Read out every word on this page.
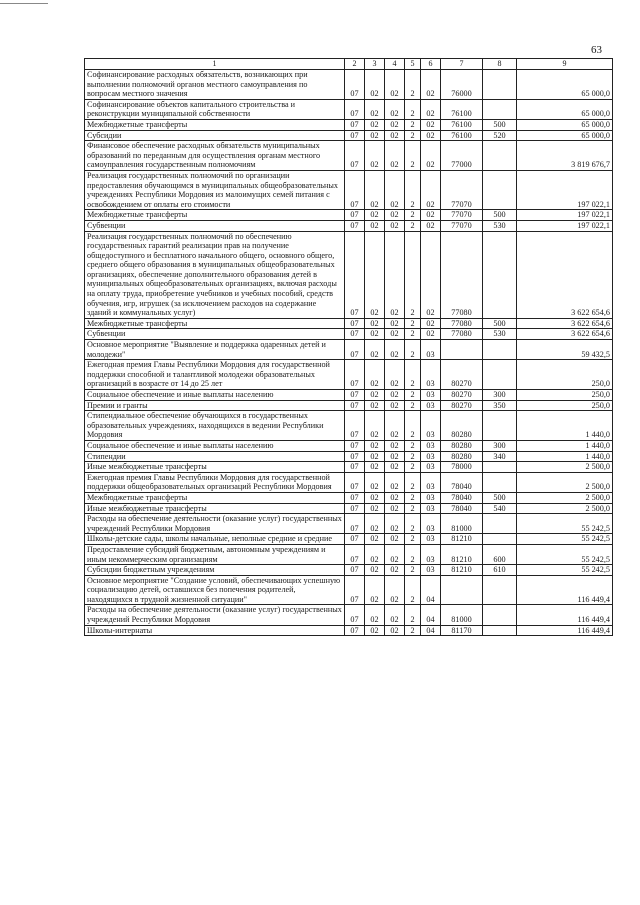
63
1	2	3	4	5	6	7	8	9
Софинансирование расходных обязательств, возникающих при выполнении полномочий органов местного самоуправления по вопросам местного значения	07	02	02	2	02	76000		65 000,0
Софинансирование объектов капитального строительства и реконструкции муниципальной собственности	07	02	02	2	02	76100		65 000,0
Межбюджетные трансферты	07	02	02	2	02	76100	500	65 000,0
Субсидии	07	02	02	2	02	76100	520	65 000,0
Финансовое обеспечение расходных обязательств муниципальных образований по переданным для осуществления органам местного самоуправления государственным полномочиям	07	02	02	2	02	77000		3 819 676,7
Реализация государственных полномочий по организации предоставления обучающимся в муниципальных общеобразовательных учреждениях Республики Мордовия из малоимущих семей питания с освобождением от оплаты его стоимости	07	02	02	2	02	77070		197 022,1
Межбюджетные трансферты	07	02	02	2	02	77070	500	197 022,1
Субвенции	07	02	02	2	02	77070	530	197 022,1
Реализация государственных полномочий по обеспечению государственных гарантий реализации прав на получение общедоступного и бесплатного начального общего, основного общего, среднего общего образования в муниципальных общеобразовательных организациях, обеспечение дополнительного образования детей в муниципальных общеобразовательных организациях, включая расходы на оплату труда, приобретение учебников и учебных пособий, средств обучения, игр, игрушек (за исключением расходов на содержание зданий и коммунальных услуг)	07	02	02	2	02	77080		3 622 654,6
Межбюджетные трансферты	07	02	02	2	02	77080	500	3 622 654,6
Субвенции	07	02	02	2	02	77080	530	3 622 654,6
Основное мероприятие "Выявление и поддержка одаренных детей и молодежи"	07	02	02	2	03			59 432,5
Ежегодная премия Главы Республики Мордовия для государственной поддержки способной и талантливой молодежи образовательных организаций в возрасте от 14 до 25 лет	07	02	02	2	03	80270		250,0
Социальное обеспечение и иные выплаты населению	07	02	02	2	03	80270	300	250,0
Премии и гранты	07	02	02	2	03	80270	350	250,0
Стипендиальное обеспечение обучающихся в государственных образовательных учреждениях, находящихся в ведении Республики Мордовия	07	02	02	2	03	80280		1 440,0
Социальное обеспечение и иные выплаты населению	07	02	02	2	03	80280	300	1 440,0
Стипендии	07	02	02	2	03	80280	340	1 440,0
Иные межбюджетные трансферты	07	02	02	2	03	78000		2 500,0
Ежегодная премия Главы Республики Мордовия для государственной поддержки общеобразовательных организаций Республики Мордовия	07	02	02	2	03	78040		2 500,0
Межбюджетные трансферты	07	02	02	2	03	78040	500	2 500,0
Иные межбюджетные трансферты	07	02	02	2	03	78040	540	2 500,0
Расходы на обеспечение деятельности (оказание услуг) государственных учреждений Республики Мордовия	07	02	02	2	03	81000		55 242,5
Школы-детские сады, школы начальные, неполные средние и средние	07	02	02	2	03	81210		55 242,5
Предоставление субсидий бюджетным, автономным учреждениям и иным некоммерческим организациям	07	02	02	2	03	81210	600	55 242,5
Субсидии бюджетным учреждениям	07	02	02	2	03	81210	610	55 242,5
Основное мероприятие "Создание условий, обеспечивающих успешную социализацию детей, оставшихся без попечения родителей, находящихся в трудной жизненной ситуации"	07	02	02	2	04			116 449,4
Расходы на обеспечение деятельности (оказание услуг) государственных учреждений Республики Мордовия	07	02	02	2	04	81000		116 449,4
Школы-интернаты	07	02	02	2	04	81170		116 449,4
